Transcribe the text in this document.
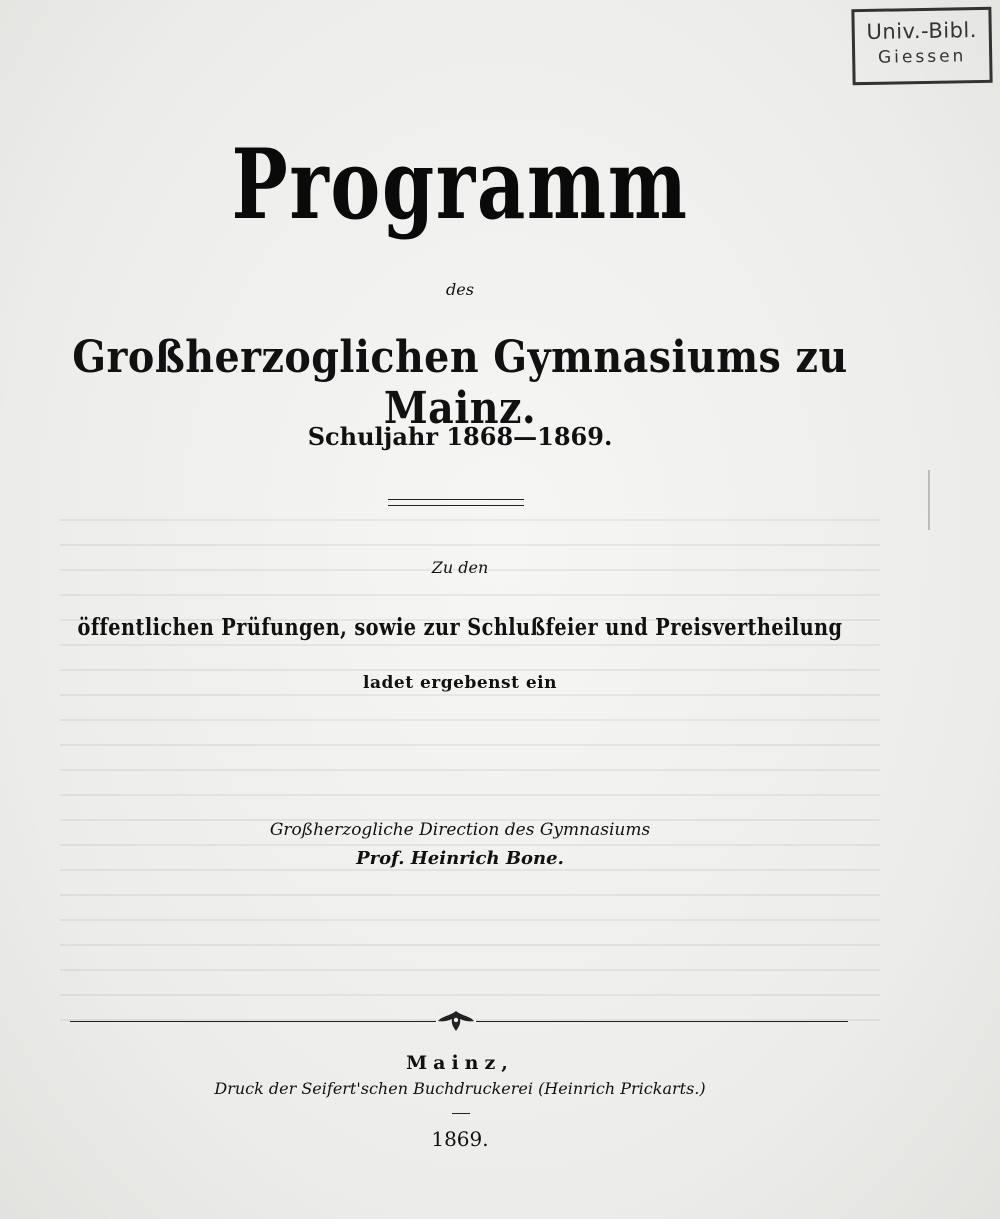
Univ.-Bibl.
Giessen
Programm
des
Großherzoglichen Gymnasiums zu Mainz.
Schuljahr 1868—1869.
Zu den
öffentlichen Prüfungen, sowie zur Schlußfeier und Preisvertheilung
ladet ergebenst ein
Großherzogliche Direction des Gymnasiums
Prof. Heinrich Bone.
Mainz,
Druck der Seifert'schen Buchdruckerei (Heinrich Prickarts.)
1869.
